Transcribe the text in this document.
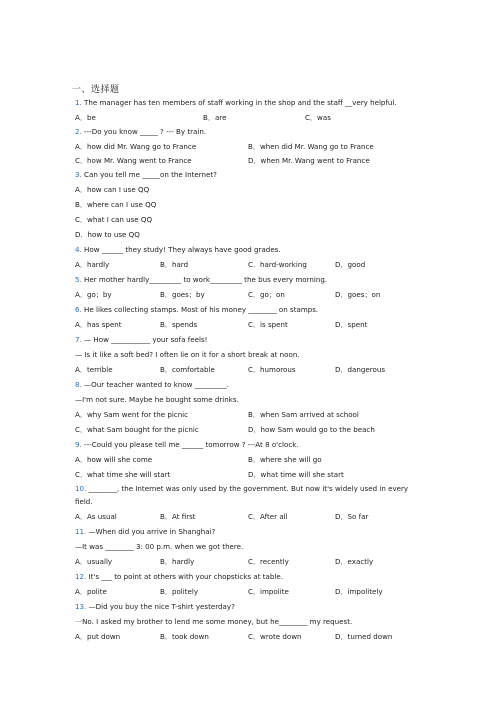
一、选择题
1. The manager has ten members of staff working in the shop and the staff __very helpful.
A．be	B．are	C．was
2. ---Do you know _____ ? --- By train.
A．how did Mr. Wang go to France	B．when did Mr. Wang go to France
C．how Mr. Wang went to France	D．when Mr. Wang went to France
3. Can you tell me _____on the Internet?
A．how can I use QQ
B．where can I use QQ
C．what I can use QQ
D．how to use QQ
4. How ______ they study! They always have good grades.
A．hardly	B．hard	C．hard-working	D．good
5. Her mother hardly_________ to work_________ the bus every morning.
A．go；by	B．goes；by	C．go；on	D．goes；on
6. He likes collecting stamps. Most of his money ________ on stamps.
A．has spent	B．spends	C．is spent	D．spent
7. — How ___________ your sofa feels!
— Is it like a soft bed? I often lie on it for a short break at noon.
A．terrible	B．comfortable	C．humorous	D．dangerous
8. —Our teacher wanted to know _________.
—I'm not sure. Maybe he bought some drinks.
A．why Sam went for the picnic	B．when Sam arrived at school
C．what Sam bought for the picnic	D．how Sam would go to the beach
9. ---Could you please tell me ______ tomorrow ? ---At 8 o'clock.
A．how will she come	B．where she will go
C．what time she will start	D．what time will she start
10. ________, the Internet was only used by the government. But now it's widely used in every field.
A．As usual	B．At first	C．After all	D．So far
11. —When did you arrive in Shanghai?
—It was ________ 3: 00 p.m. when we got there.
A．usually	B．hardly	C．recently	D．exactly
12. It's ___ to point at others with your chopsticks at table.
A．polite	B．politely	C．impolite	D．impolitely
13. —Did you buy the nice T-shirt yesterday?
一No. I asked my brother to lend me some money, but he________ my request.
A．put down	B．took down	C．wrote down	D．turned down
